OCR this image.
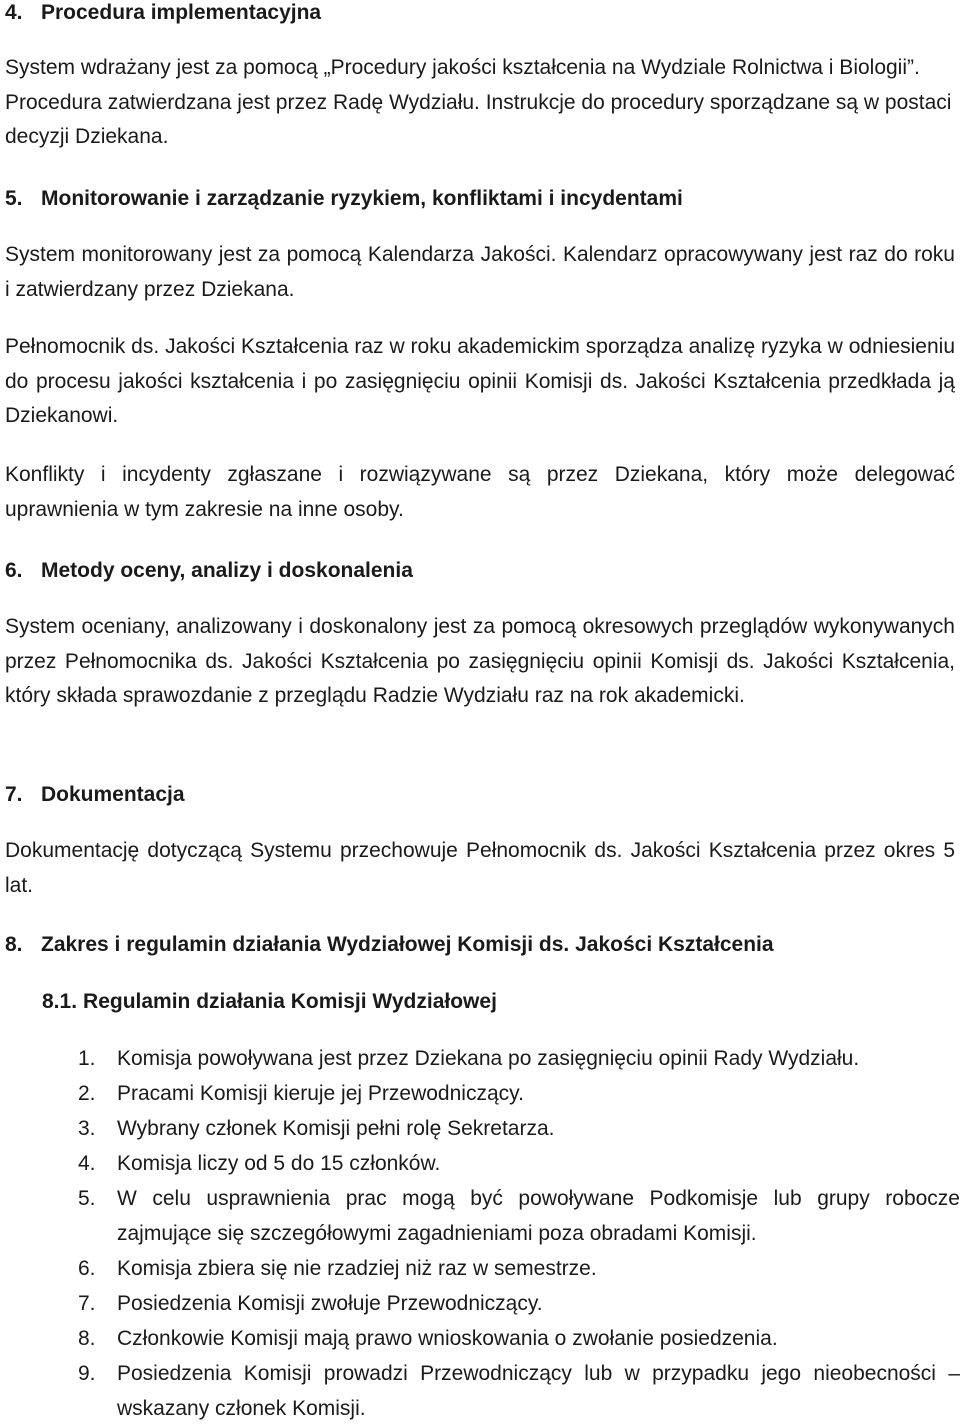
4. Procedura implementacyjna
System wdrażany jest za pomocą „Procedury jakości kształcenia na Wydziale Rolnictwa i Biologii”. Procedura zatwierdzana jest przez Radę Wydziału. Instrukcje do procedury sporządzane są w postaci decyzji Dziekana.
5. Monitorowanie i zarządzanie ryzykiem, konfliktami i incydentami
System monitorowany jest za pomocą Kalendarza Jakości. Kalendarz opracowywany jest raz do roku i zatwierdzany przez Dziekana.
Pełnomocnik ds. Jakości Kształcenia raz w roku akademickim sporządza analizę ryzyka w odniesieniu do procesu jakości kształcenia i po zasięgnięciu opinii Komisji ds. Jakości Kształcenia przedkłada ją Dziekanowi.
Konflikty i incydenty zgłaszane i rozwiązywane są przez Dziekana, który może delegować uprawnienia w tym zakresie na inne osoby.
6. Metody oceny, analizy i doskonalenia
System oceniany, analizowany i doskonalony jest za pomocą okresowych przeglądów wykonywanych przez Pełnomocnika ds. Jakości Kształcenia po zasięgnięciu opinii Komisji ds. Jakości Kształcenia, który składa sprawozdanie z przeglądu Radzie Wydziału raz na rok akademicki.
7. Dokumentacja
Dokumentację dotyczącą Systemu przechowuje Pełnomocnik ds. Jakości Kształcenia przez okres 5 lat.
8. Zakres i regulamin działania Wydziałowej Komisji ds. Jakości Kształcenia
8.1. Regulamin działania Komisji Wydziałowej
1. Komisja powoływana jest przez Dziekana po zasięgnięciu opinii Rady Wydziału.
2. Pracami Komisji kieruje jej Przewodniczący.
3. Wybrany członek Komisji pełni rolę Sekretarza.
4. Komisja liczy od 5 do 15 członków.
5. W celu usprawnienia prac mogą być powoływane Podkomisje lub grupy robocze zajmujące się szczegółowymi zagadnieniami poza obradami Komisji.
6. Komisja zbiera się nie rzadziej niż raz w semestrze.
7. Posiedzenia Komisji zwołuje Przewodniczący.
8. Członkowie Komisji mają prawo wnioskowania o zwołanie posiedzenia.
9. Posiedzenia Komisji prowadzi Przewodniczący lub w przypadku jego nieobecności – wskazany członek Komisji.
